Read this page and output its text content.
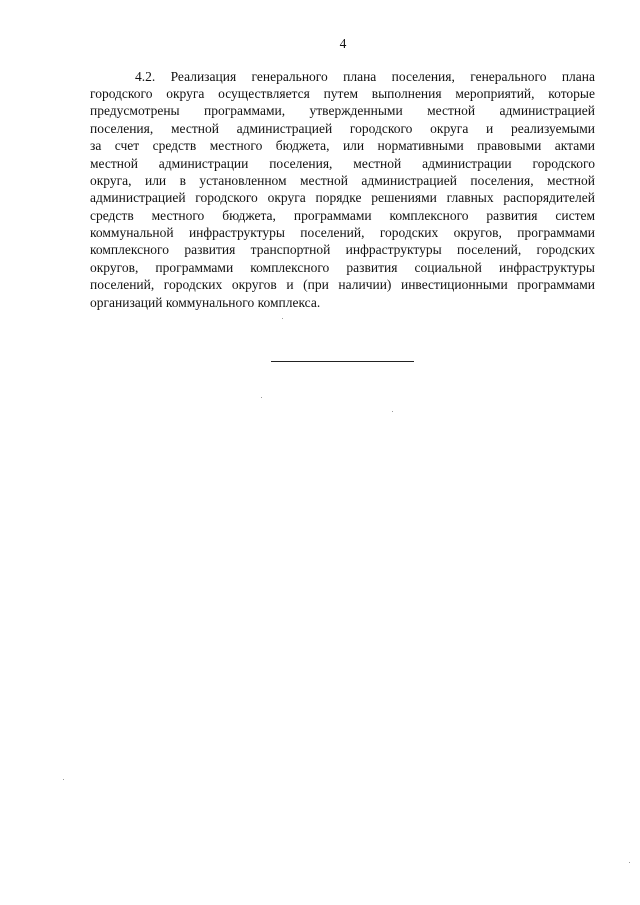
4
4.2. Реализация генерального плана поселения, генерального плана
городского округа осуществляется путем выполнения мероприятий, которые
предусмотрены программами, утвержденными местной администрацией
поселения, местной администрацией городского округа и реализуемыми
за счет средств местного бюджета, или нормативными правовыми актами
местной администрации поселения, местной администрации городского
округа, или в установленном местной администрацией поселения, местной
администрацией городского округа порядке решениями главных распорядителей
средств местного бюджета, программами комплексного развития систем
коммунальной инфраструктуры поселений, городских округов, программами
комплексного развития транспортной инфраструктуры поселений, городских
округов, программами комплексного развития социальной инфраструктуры
поселений, городских округов и (при наличии) инвестиционными программами
организаций коммунального комплекса.
